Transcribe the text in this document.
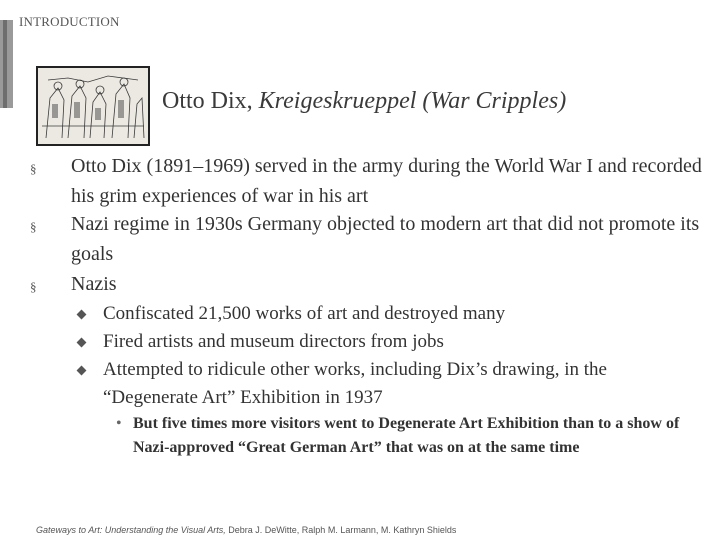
INTRODUCTION
Otto Dix, Kreigeskrueppel (War Cripples)
§ Otto Dix (1891–1969) served in the army during the World War I and recorded his grim experiences of war in his art
§ Nazi regime in 1930s Germany objected to modern art that did not promote its goals
§ Nazis
Confiscated 21,500 works of art and destroyed many
Fired artists and museum directors from jobs
Attempted to ridicule other works, including Dix’s drawing, in the “Degenerate Art” Exhibition in 1937
• But five times more visitors went to Degenerate Art Exhibition than to a show of Nazi-approved “Great German Art” that was on at the same time
Gateways to Art: Understanding the Visual Arts, Debra J. DeWitte, Ralph M. Larmann, M. Kathryn Shields
